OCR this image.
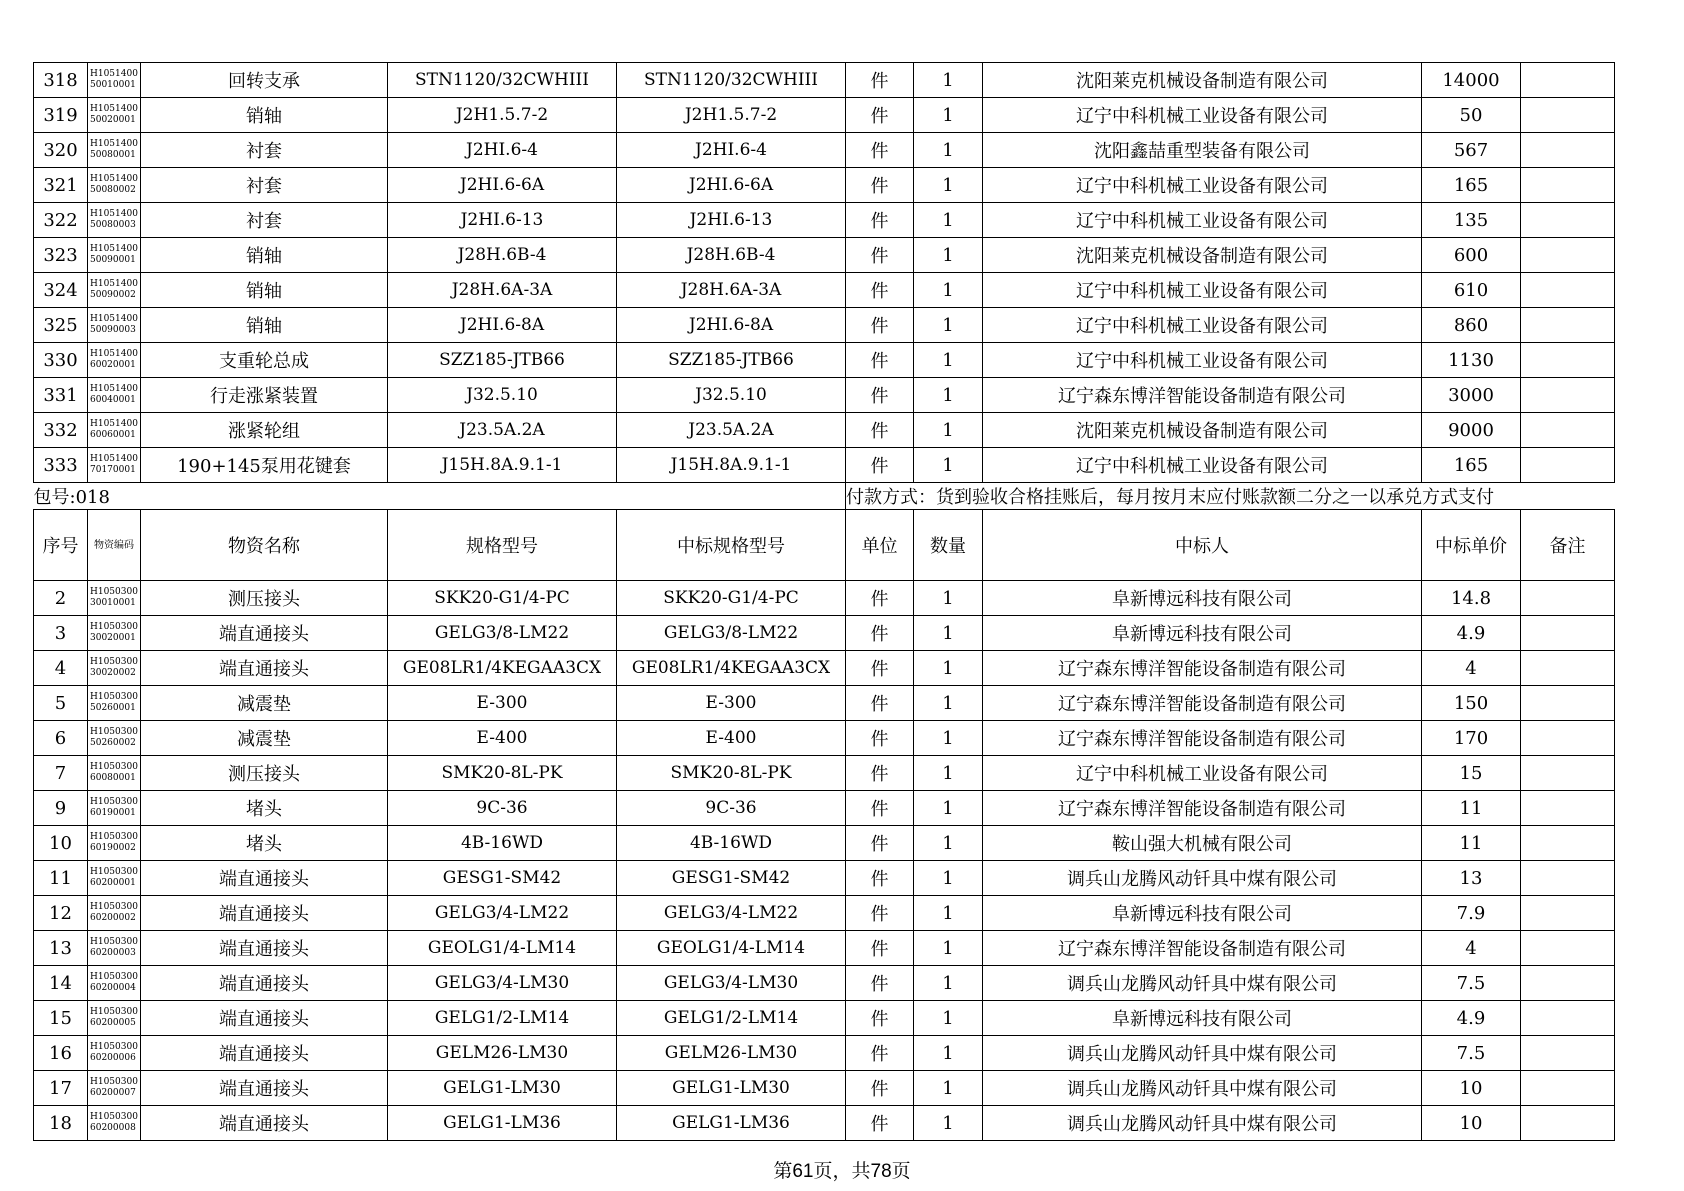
318	H105140050010001	回转支承	STN1120/32CWHIII	STN1120/32CWHIII	件	1	沈阳莱克机械设备制造有限公司	14000	
319	H105140050020001	销轴	J2H1.5.7-2	J2H1.5.7-2	件	1	辽宁中科机械工业设备有限公司	50	
320	H105140050080001	衬套	J2HI.6-4	J2HI.6-4	件	1	沈阳鑫喆重型装备有限公司	567	
321	H105140050080002	衬套	J2HI.6-6A	J2HI.6-6A	件	1	辽宁中科机械工业设备有限公司	165	
322	H105140050080003	衬套	J2HI.6-13	J2HI.6-13	件	1	辽宁中科机械工业设备有限公司	135	
323	H105140050090001	销轴	J28H.6B-4	J28H.6B-4	件	1	沈阳莱克机械设备制造有限公司	600	
324	H105140050090002	销轴	J28H.6A-3A	J28H.6A-3A	件	1	辽宁中科机械工业设备有限公司	610	
325	H105140050090003	销轴	J2HI.6-8A	J2HI.6-8A	件	1	辽宁中科机械工业设备有限公司	860	
330	H105140060020001	支重轮总成	SZZ185-JTB66	SZZ185-JTB66	件	1	辽宁中科机械工业设备有限公司	1130	
331	H105140060040001	行走涨紧装置	J32.5.10	J32.5.10	件	1	辽宁森东博洋智能设备制造有限公司	3000	
332	H105140060060001	涨紧轮组	J23.5A.2A	J23.5A.2A	件	1	沈阳莱克机械设备制造有限公司	9000	
333	H105140070170001	190+145泵用花键套	J15H.8A.9.1-1	J15H.8A.9.1-1	件	1	辽宁中科机械工业设备有限公司	165	
包号:018					付款方式：货到验收合格挂账后，每月按月末应付账款额二分之一以承兑方式支付				
序号	物资编码	物资名称	规格型号	中标规格型号	单位	数量	中标人	中标单价	备注
2	H105030030010001	测压接头	SKK20-G1/4-PC	SKK20-G1/4-PC	件	1	阜新博远科技有限公司	14.8	
3	H105030030020001	端直通接头	GELG3/8-LM22	GELG3/8-LM22	件	1	阜新博远科技有限公司	4.9	
4	H105030030020002	端直通接头	GE08LR1/4KEGAA3CX	GE08LR1/4KEGAA3CX	件	1	辽宁森东博洋智能设备制造有限公司	4	
5	H105030050260001	减震垫	E-300	E-300	件	1	辽宁森东博洋智能设备制造有限公司	150	
6	H105030050260002	减震垫	E-400	E-400	件	1	辽宁森东博洋智能设备制造有限公司	170	
7	H105030060080001	测压接头	SMK20-8L-PK	SMK20-8L-PK	件	1	辽宁中科机械工业设备有限公司	15	
9	H105030060190001	堵头	9C-36	9C-36	件	1	辽宁森东博洋智能设备制造有限公司	11	
10	H105030060190002	堵头	4B-16WD	4B-16WD	件	1	鞍山强大机械有限公司	11	
11	H105030060200001	端直通接头	GESG1-SM42	GESG1-SM42	件	1	调兵山龙腾风动钎具中煤有限公司	13	
12	H105030060200002	端直通接头	GELG3/4-LM22	GELG3/4-LM22	件	1	阜新博远科技有限公司	7.9	
13	H105030060200003	端直通接头	GEOLG1/4-LM14	GEOLG1/4-LM14	件	1	辽宁森东博洋智能设备制造有限公司	4	
14	H105030060200004	端直通接头	GELG3/4-LM30	GELG3/4-LM30	件	1	调兵山龙腾风动钎具中煤有限公司	7.5	
15	H105030060200005	端直通接头	GELG1/2-LM14	GELG1/2-LM14	件	1	阜新博远科技有限公司	4.9	
16	H105030060200006	端直通接头	GELM26-LM30	GELM26-LM30	件	1	调兵山龙腾风动钎具中煤有限公司	7.5	
17	H105030060200007	端直通接头	GELG1-LM30	GELG1-LM30	件	1	调兵山龙腾风动钎具中煤有限公司	10	
18	H105030060200008	端直通接头	GELG1-LM36	GELG1-LM36	件	1	调兵山龙腾风动钎具中煤有限公司	10	
第61页，共78页
